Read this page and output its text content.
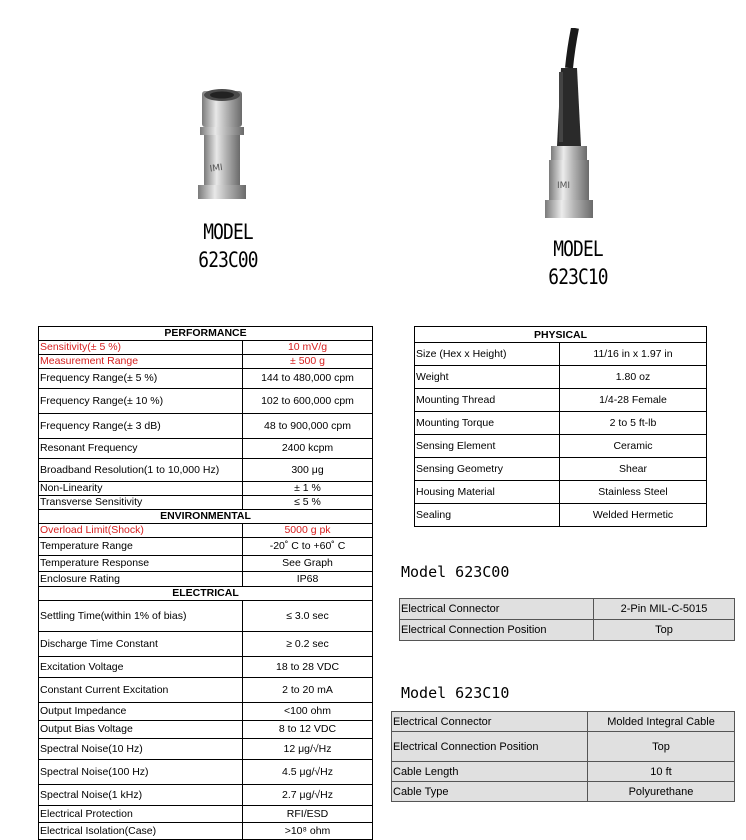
IMI
MODEL
623C00
IMI
MODEL
623C10
PERFORMANCE	
Sensitivity(± 5 %)	10 mV/g
Measurement Range	± 500 g
Frequency Range(± 5 %)	144 to 480,000 cpm
Frequency Range(± 10 %)	102 to 600,000 cpm
Frequency Range(± 3 dB)	48 to 900,000 cpm
Resonant Frequency	2400 kcpm
Broadband Resolution(1 to 10,000 Hz)	300 μg
Non-Linearity	± 1 %
Transverse Sensitivity	≤ 5 %
ENVIRONMENTAL	
Overload Limit(Shock)	5000 g pk
Temperature Range	-20˚ C to +60˚ C
Temperature Response	See Graph
Enclosure Rating	IP68
ELECTRICAL	
Settling Time(within 1% of bias)	≤ 3.0 sec
Discharge Time Constant	≥ 0.2 sec
Excitation Voltage	18 to 28 VDC
Constant Current Excitation	2 to 20 mA
Output Impedance	<100 ohm
Output Bias Voltage	8 to 12 VDC
Spectral Noise(10 Hz)	12 μg/√Hz
Spectral Noise(100 Hz)	4.5 μg/√Hz
Spectral Noise(1 kHz)	2.7 μg/√Hz
Electrical Protection	RFI/ESD
Electrical Isolation(Case)	>10⁸ ohm
PHYSICAL	
Size (Hex x Height)	11/16 in x 1.97 in
Weight	1.80 oz
Mounting Thread	1/4-28 Female
Mounting Torque	2 to 5 ft-lb
Sensing Element	Ceramic
Sensing Geometry	Shear
Housing Material	Stainless Steel
Sealing	Welded Hermetic
Model 623C00
Electrical Connector	2-Pin MIL-C-5015
Electrical Connection Position	Top
Model 623C10
Electrical Connector	Molded Integral Cable
Electrical Connection Position	Top
Cable Length	10 ft
Cable Type	Polyurethane
